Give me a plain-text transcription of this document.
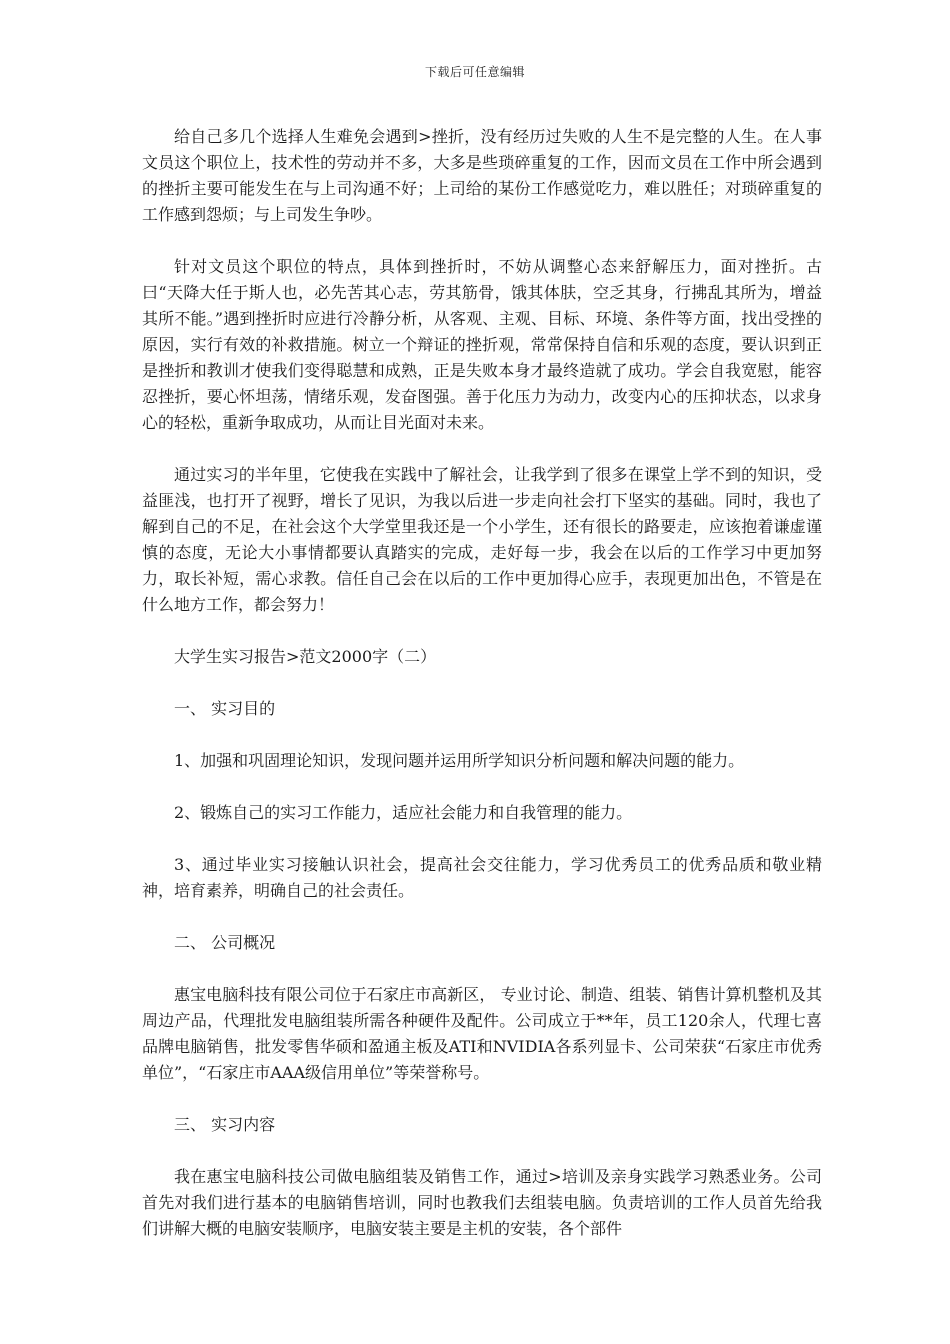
下载后可任意编辑

给自己多几个选择人生难免会遇到>挫折，没有经历过失败的人生不是完整的人生。在人事文员这个职位上，技术性的劳动并不多，大多是些琐碎重复的工作，因而文员在工作中所会遇到的挫折主要可能发生在与上司沟通不好；上司给的某份工作感觉吃力，难以胜任；对琐碎重复的工作感到怨烦；与上司发生争吵。

针对文员这个职位的特点，具体到挫折时，不妨从调整心态来舒解压力，面对挫折。古曰“天降大任于斯人也，必先苦其心志，劳其筋骨，饿其体肤，空乏其身，行拂乱其所为，增益其所不能。”遇到挫折时应进行冷静分析，从客观、主观、目标、环境、条件等方面，找出受挫的原因，实行有效的补救措施。树立一个辩证的挫折观，常常保持自信和乐观的态度，要认识到正是挫折和教训才使我们变得聪慧和成熟，正是失败本身才最终造就了成功。学会自我宽慰，能容忍挫折，要心怀坦荡，情绪乐观，发奋图强。善于化压力为动力，改变内心的压抑状态，以求身心的轻松，重新争取成功，从而让目光面对未来。

通过实习的半年里，它使我在实践中了解社会，让我学到了很多在课堂上学不到的知识，受益匪浅，也打开了视野，增长了见识，为我以后进一步走向社会打下坚实的基础。同时，我也了解到自己的不足，在社会这个大学堂里我还是一个小学生，还有很长的路要走，应该抱着谦虚谨慎的态度，无论大小事情都要认真踏实的完成，走好每一步，我会在以后的工作学习中更加努力，取长补短，需心求教。信任自己会在以后的工作中更加得心应手，表现更加出色，不管是在什么地方工作，都会努力！

大学生实习报告>范文2000字（二）

一、 实习目的

1、加强和巩固理论知识，发现问题并运用所学知识分析问题和解决问题的能力。

2、锻炼自己的实习工作能力，适应社会能力和自我管理的能力。

3、通过毕业实习接触认识社会，提高社会交往能力，学习优秀员工的优秀品质和敬业精神，培育素养，明确自己的社会责任。

二、 公司概况

惠宝电脑科技有限公司位于石家庄市高新区， 专业讨论、制造、组装、销售计算机整机及其周边产品，代理批发电脑组装所需各种硬件及配件。公司成立于**年，员工120余人，代理七喜品牌电脑销售，批发零售华硕和盈通主板及ATI和NVIDIA各系列显卡、公司荣获“石家庄市优秀单位”，“石家庄市AAA级信用单位”等荣誉称号。

三、 实习内容

我在惠宝电脑科技公司做电脑组装及销售工作，通过>培训及亲身实践学习熟悉业务。公司首先对我们进行基本的电脑销售培训，同时也教我们去组装电脑。负责培训的工作人员首先给我们讲解大概的电脑安装顺序，电脑安装主要是主机的安装，各个部件
